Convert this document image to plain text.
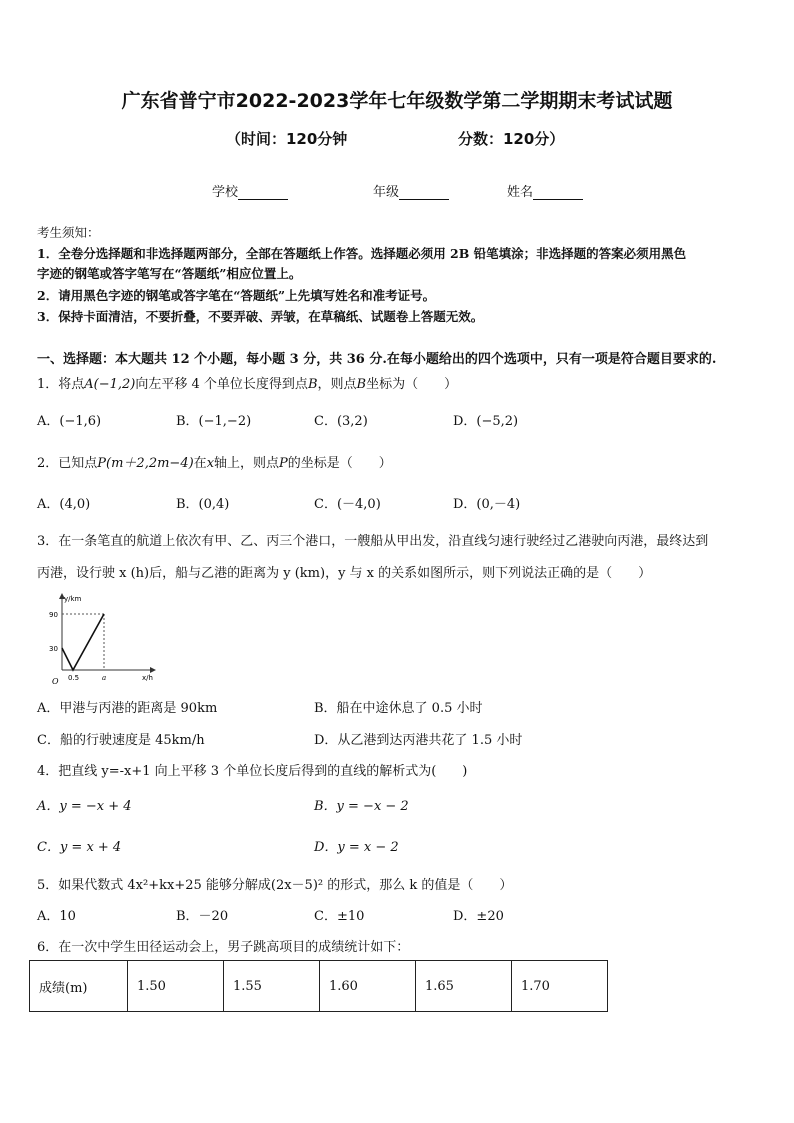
广东省普宁市2022-2023学年七年级数学第二学期期末考试试题
（时间：120分钟	分数：120分）
学校	年级	姓名
考生须知：
1．全卷分选择题和非选择题两部分，全部在答题纸上作答。选择题必须用 2B 铅笔填涂；非选择题的答案必须用黑色
字迹的钢笔或答字笔写在“答题纸”相应位置上。
2．请用黑色字迹的钢笔或答字笔在“答题纸”上先填写姓名和准考证号。
3．保持卡面清洁，不要折叠，不要弄破、弄皱，在草稿纸、试题卷上答题无效。
一、选择题：本大题共 12 个小题，每小题 3 分，共 36 分.在每小题给出的四个选项中，只有一项是符合题目要求的.
1．将点A(−1,2)向左平移 4 个单位长度得到点B，则点B坐标为（　　）
A．(−1,6)	B．(−1,−2)	C．(3,2)	D．(−5,2)
2．已知点P(m＋2,2m−4)在x轴上，则点P的坐标是（　　）
A．(4,0)	B．(0,4)	C．(－4,0)	D．(0,－4)
3．在一条笔直的航道上依次有甲、乙、丙三个港口，一艘船从甲出发，沿直线匀速行驶经过乙港驶向丙港，最终达到
丙港，设行驶 x (h)后，船与乙港的距离为 y (km)，y 与 x 的关系如图所示，则下列说法正确的是（　　）
y/km
x/h
O
90
30
0.5	a
A．甲港与丙港的距离是 90km	B．船在中途休息了 0.5 小时
C．船的行驶速度是 45km/h	D．从乙港到达丙港共花了 1.5 小时
4．把直线 y=-x+1 向上平移 3 个单位长度后得到的直线的解析式为(　　)
A．y = −x + 4	B．y = −x − 2
C．y = x + 4	D．y = x − 2
5．如果代数式 4x²+kx+25 能够分解成(2x－5)² 的形式，那么 k 的值是（　　）
A．10	B．－20	C．±10	D．±20
6．在一次中学生田径运动会上，男子跳高项目的成绩统计如下：
成绩(m)	1.50	1.55	1.60	1.65	1.70
